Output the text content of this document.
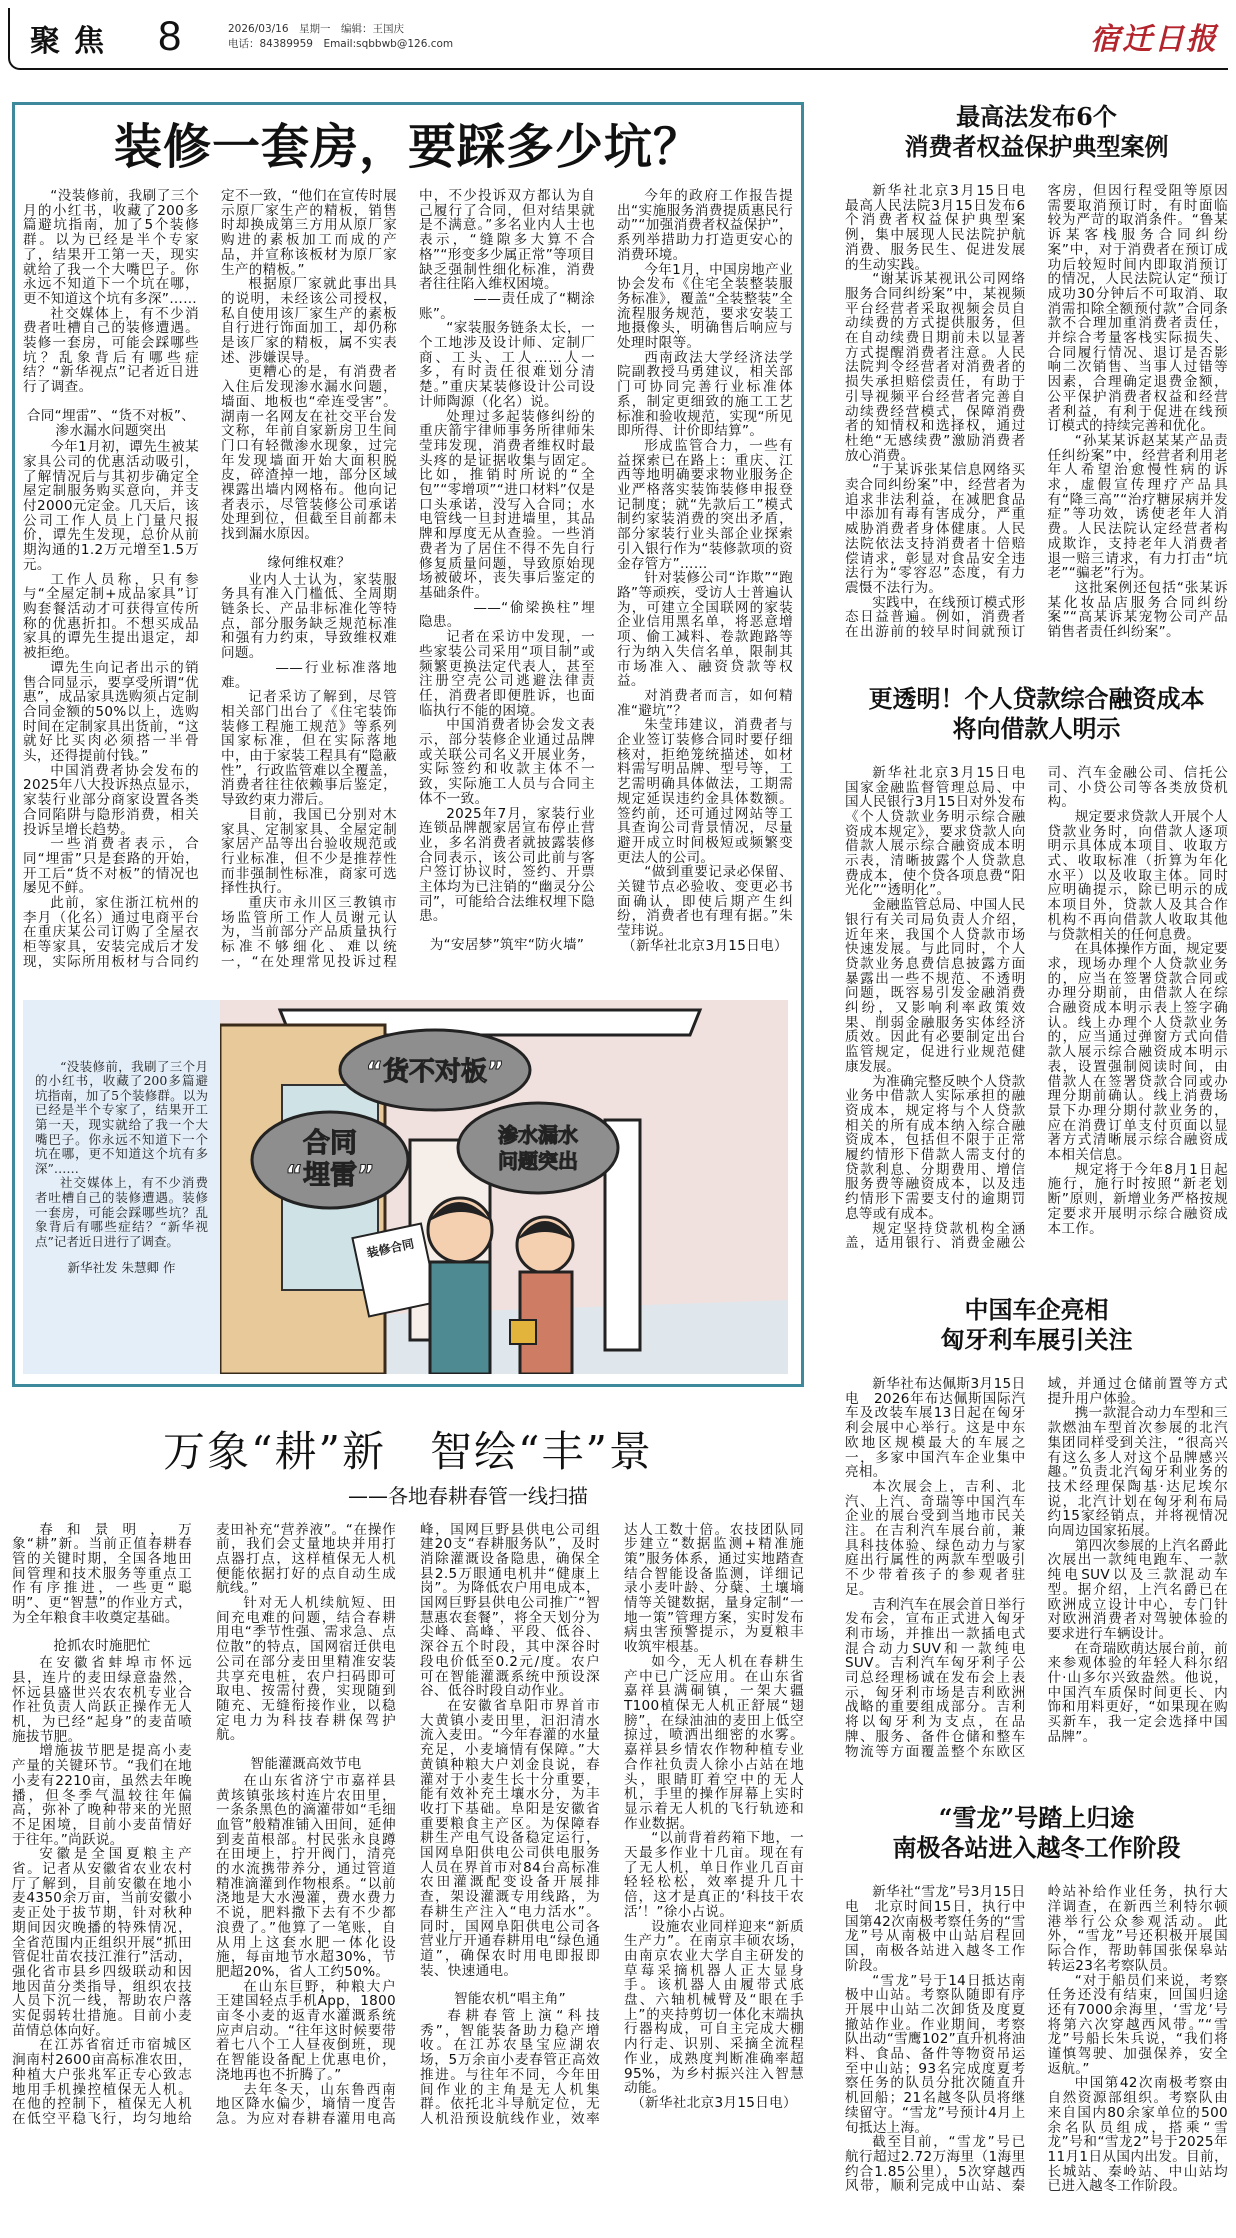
聚焦 8	2026/03/16　星期一　编辑：王国庆
电话：84389959　Email:sqbbwb@126.com	宿迁日报
装修一套房，要踩多少坑？

“没装修前，我刷了三个月的小红书，收藏了200多篇避坑指南，加了5个装修群。以为已经是半个专家了，结果开工第一天，现实就给了我一个大嘴巴子。你永远不知道下一个坑在哪，更不知道这个坑有多深”……

社交媒体上，有不少消费者吐槽自己的装修遭遇。装修一套房，可能会踩哪些坑？乱象背后有哪些症结？“新华视点”记者近日进行了调查。

合同“埋雷”、“货不对板”、渗水漏水问题突出

今年1月初，谭先生被某家具公司的优惠活动吸引，了解情况后与其初步确定全屋定制服务购买意向，并支付2000元定金。几天后，该公司工作人员上门量尺报价，谭先生发现，总价从前期沟通的1.2万元增至1.5万元。

工作人员称，只有参与“全屋定制+成品家具”订购套餐活动才可获得宣传所称的优惠折扣。不想买成品家具的谭先生提出退定，却被拒绝。

谭先生向记者出示的销售合同显示，要享受所谓“优惠”，成品家具选购须占定制合同金额的50%以上，选购时间在定制家具出货前，“这就好比买肉必须搭一半骨头，还得提前付钱。”

中国消费者协会发布的2025年八大投诉热点显示，家装行业部分商家设置各类合同陷阱与隐形消费，相关投诉呈增长趋势。

一些消费者表示，合同“埋雷”只是套路的开始，开工后“货不对板”的情况也屡见不鲜。

此前，家住浙江杭州的李月（化名）通过电商平台在重庆某公司订购了全屋衣柜等家具，安装完成后才发现，实际所用板材与合同约定不一致，“他们在宣传时展示原厂家生产的精板，销售时却换成第三方用从原厂家购进的素板加工而成的产品，并宣称该板材为原厂家生产的精板。”

根据原厂家就此事出具的说明，未经该公司授权，私自使用该厂家生产的素板自行进行饰面加工，却仍称是该厂家的精板，属不实表述、涉嫌误导。

更糟心的是，有消费者入住后发现渗水漏水问题，墙面、地板也“牵连受害”。湖南一名网友在社交平台发文称，年前自家新房卫生间门口有轻微渗水现象，过完年发现墙面开始大面积脱皮，碎渣掉一地，部分区域裸露出墙内网格布。他向记者表示，尽管装修公司承诺处理到位，但截至目前都未找到漏水原因。

缘何维权难？

业内人士认为，家装服务具有准入门槛低、全周期链条长、产品非标准化等特点，部分服务缺乏规范标准和强有力约束，导致维权难问题。

——行业标准落地难。

记者采访了解到，尽管相关部门出台了《住宅装饰装修工程施工规范》等系列国家标准，但在实际落地中，由于家装工程具有“隐蔽性”，行政监管难以全覆盖，消费者往往依赖事后鉴定，导致约束力滞后。

目前，我国已分别对木家具、定制家具、全屋定制家居产品等出台验收规范或行业标准，但不少是推荐性而非强制性标准，商家可选择性执行。

重庆市永川区三教镇市场监管所工作人员谢元认为，当前部分产品质量执行标准不够细化、难以统一，“在处理常见投诉过程中，不少投诉双方都认为自己履行了合同，但对结果就是不满意。”多名业内人士也表示，“缝隙多大算不合格”“形变多少属正常”等项目缺乏强制性细化标准，消费者往往陷入维权困境。

——责任成了“糊涂账”。

“家装服务链条太长，一个工地涉及设计师、定制厂商、工头、工人……人一多，有时责任很难划分清楚。”重庆某装修设计公司设计师陶源（化名）说。

处理过多起装修纠纷的重庆箭宇律师事务所律师朱莹玮发现，消费者维权时最头疼的是证据收集与固定。比如，推销时所说的“全包”“零增项”“进口材料”仅是口头承诺，没写入合同；水电管线一旦封进墙里，其品牌和厚度无从查验。一些消费者为了居住不得不先自行修复质量问题，导致原始现场被破坏，丧失事后鉴定的基础条件。

——“偷梁换柱”埋隐患。

记者在采访中发现，一些家装公司采用“项目制”或频繁更换法定代表人，甚至注册空壳公司逃避法律责任，消费者即便胜诉，也面临执行不能的困境。

中国消费者协会发文表示，部分装修企业通过品牌或关联公司名义开展业务，实际签约和收款主体不一致，实际施工人员与合同主体不一致。

2025年7月，家装行业连锁品牌靓家居宣布停止营业，多名消费者就披露装修合同表示，该公司此前与客户签订协议时，签约、开票主体均为已注销的“幽灵分公司”，可能给合法维权埋下隐患。

为“安居梦”筑牢“防火墙”

今年的政府工作报告提出“实施服务消费提质惠民行动”“加强消费者权益保护”，系列举措助力打造更安心的消费环境。

今年1月，中国房地产业协会发布《住宅全装整装服务标准》，覆盖“全装整装”全流程服务规范，要求安装工地摄像头，明确售后响应与处理时限等。

西南政法大学经济法学院副教授马勇建议，相关部门可协同完善行业标准体系，制定更细致的施工工艺标准和验收规范，实现“所见即所得、计价即结算”。

形成监管合力，一些有益探索已在路上：重庆、江西等地明确要求物业服务企业严格落实装饰装修申报登记制度；就“先款后工”模式制约家装消费的突出矛盾，部分家装行业头部企业探索引入银行作为“装修款项的资金存管方”……

针对装修公司“诈欺”“跑路”等顽疾，受访人士普遍认为，可建立全国联网的家装企业信用黑名单，将恶意增项、偷工减料、卷款跑路等行为纳入失信名单，限制其市场准入、融资贷款等权益。

对消费者而言，如何精准“避坑”？

朱莹玮建议，消费者与企业签订装修合同时要仔细核对，拒绝笼统描述，如材料需写明品牌、型号等，工艺需明确具体做法，工期需规定延误违约金具体数额。签约前，还可通过网站等工具查询公司背景情况，尽量避开成立时间极短或频繁变更法人的公司。

“做到重要记录必保留、关键节点必验收、变更必书面确认，即使后期产生纠纷，消费者也有理有据。”朱莹玮说。

（新华社北京3月15日电）

“没装修前，我刷了三个月的小红书，收藏了200多篇避坑指南，加了5个装修群。以为已经是半个专家了，结果开工第一天，现实就给了我一个大嘴巴子。你永远不知道下一个坑在哪，更不知道这个坑有多深”……

社交媒体上，有不少消费者吐槽自己的装修遭遇。装修一套房，可能会踩哪些坑？乱象背后有哪些症结？“新华视点”记者近日进行了调查。

新华社发 朱慧卿 作

合同
“埋雷”
“货不对板”
渗水漏水
问题突出
装修合同
万象“耕”新　智绘“丰”景
——各地春耕春管一线扫描

春和景明，万象“耕”新。当前正值春耕春管的关键时期，全国各地田间管理和技术服务等重点工作有序推进，一些更“聪明”、更“智慧”的作业方式，为全年粮食丰收奠定基础。

抢抓农时施肥忙

在安徽省蚌埠市怀远县，连片的麦田绿意盎然，怀远县盛世兴农农机专业合作社负责人尚跃正操作无人机，为已经“起身”的麦苗喷施拔节肥。

增施拔节肥是提高小麦产量的关键环节。“我们在地小麦有2210亩，虽然去年晚播，但冬季气温较往年偏高，弥补了晚种带来的光照不足困境，目前小麦苗情好于往年。”尚跃说。

安徽是全国夏粮主产省。记者从安徽省农业农村厅了解到，目前安徽在地小麦4350余万亩，当前安徽小麦正处于拔节期，针对秋种期间因灾晚播的特殊情况，全省范围内正组织开展“抓田管促壮苗农技江淮行”活动，强化省市县乡四级联动和因地因苗分类指导，组织农技人员下沉一线，帮助农户落实促弱转壮措施。目前小麦苗情总体向好。

在江苏省宿迁市宿城区涧南村2600亩高标准农田，种植大户张兆军正专心致志地用手机操控植保无人机。在他的控制下，植保无人机在低空平稳飞行，均匀地给麦田补充“营养液”。“在操作前，我们会丈量地块并用打点器打点，这样植保无人机便能依据打好的点自动生成航线。”

针对无人机续航短、田间充电难的问题，结合春耕用电“季节性强、需求急、点位散”的特点，国网宿迁供电公司在部分麦田里精准安装共享充电桩，农户扫码即可取电、按需付费，实现随到随充、无缝衔接作业，以稳定电力为科技春耕保驾护航。

智能灌溉高效节电

在山东省济宁市嘉祥县黄垓镇张垓村连片农田里，一条条黑色的滴灌带如“毛细血管”般精准铺入田间，延伸到麦苗根部。村民张永良蹲在田埂上，拧开阀门，清亮的水流携带养分，通过管道精准滴灌到作物根系。“以前浇地是大水漫灌，费水费力不说，肥料撒下去有不少都浪费了。”他算了一笔账，自从用上这套水肥一体化设施，每亩地节水超30%，节肥超20%，省人工约50%。

在山东巨野，种粮大户王建国轻点手机App，1800亩冬小麦的返青水灌溉系统应声启动。“往年这时候要带着七八个工人昼夜倒班，现在智能设备配上优惠电价，浇地再也不折腾了。”

去年冬天，山东鲁西南地区降水偏少，墒情一度告急。为应对春耕春灌用电高峰，国网巨野县供电公司组建20支“春耕服务队”，及时消除灌溉设备隐患，确保全县2.5万眼通电机井“健康上岗”。为降低农户用电成本，国网巨野县供电公司推广“智慧惠农套餐”，将全天划分为尖峰、高峰、平段、低谷、深谷五个时段，其中深谷时段电价低至0.2元/度。农户可在智能灌溉系统中预设深谷、低谷时段自动作业。

在安徽省阜阳市界首市大黄镇小麦田里，汩汩清水流入麦田。“今年春灌的水量充足，小麦墒情有保障。”大黄镇种粮大户刘金良说，春灌对于小麦生长十分重要，能有效补充土壤水分，为丰收打下基础。阜阳是安徽省重要粮食主产区。为保障春耕生产电气设备稳定运行，国网阜阳供电公司供电服务人员在界首市对84台高标准农田灌溉配变设备开展排查，架设灌溉专用线路，为春耕生产注入“电力活水”。同时，国网阜阳供电公司各营业厅开通春耕用电“绿色通道”，确保农时用电即报即装、快速通电。

智能农机“唱主角”

春耕春管上演“科技秀”，智能装备助力稳产增收。在江苏农垦宝应湖农场，5万余亩小麦春管正高效推进。与往年不同，今年田间作业的主角是无人机集群。依托北斗导航定位，无人机沿预设航线作业，效率达人工数十倍。农技团队同步建立“数据监测+精准施策”服务体系，通过实地踏查结合智能设备监测，详细记录小麦叶龄、分蘖、土壤墒情等关键数据，量身定制“一地一策”管理方案，实时发布病虫害预警提示，为夏粮丰收筑牢根基。

如今，无人机在春耕生产中已广泛应用。在山东省嘉祥县满硐镇，一架大疆T100植保无人机正舒展“翅膀”，在绿油油的麦田上低空掠过，喷洒出细密的水雾。嘉祥县乡情农作物种植专业合作社负责人徐小占站在地头，眼睛盯着空中的无人机，手里的操作屏幕上实时显示着无人机的飞行轨迹和作业数据。

“以前背着药箱下地，一天最多作业十几亩。现在有了无人机，单日作业几百亩轻轻松松，效率提升几十倍，这才是真正的‘科技干农活’！”徐小占说。

设施农业同样迎来“新质生产力”。在南京丰硕农场，由南京农业大学自主研发的草莓采摘机器人正大显身手。该机器人由履带式底盘、六轴机械臂及“眼在手上”的夹持剪切一体化末端执行器构成，可自主完成大棚内行走、识别、采摘全流程作业，成熟度判断准确率超95%，为乡村振兴注入智慧动能。

（新华社北京3月15日电）

最高法发布6个
消费者权益保护典型案例

新华社北京3月15日电　最高人民法院3月15日发布6个消费者权益保护典型案例，集中展现人民法院护航消费、服务民生、促进发展的生动实践。

“谢某诉某视讯公司网络服务合同纠纷案”中，某视频平台经营者采取视频会员自动续费的方式提供服务，但在自动续费日期前未以显著方式提醒消费者注意。人民法院判令经营者对消费者的损失承担赔偿责任，有助于引导视频平台经营者完善自动续费经营模式，保障消费者的知情权和选择权，通过杜绝“无感续费”激励消费者放心消费。

“于某诉张某信息网络买卖合同纠纷案”中，经营者为追求非法利益，在减肥食品中添加有毒有害成分，严重威胁消费者身体健康。人民法院依法支持消费者十倍赔偿请求，彰显对食品安全违法行为“零容忍”态度，有力震慑不法行为。

实践中，在线预订模式形态日益普遍。例如，消费者在出游前的较早时间就预订客房，但因行程受阻等原因需要取消预订时，有时面临较为严苛的取消条件。“鲁某诉某客栈服务合同纠纷案”中，对于消费者在预订成功后较短时间内即取消预订的情况，人民法院认定“预订成功30分钟后不可取消、取消需扣除全额预付款”合同条款不合理加重消费者责任，并综合考量客栈实际损失、合同履行情况、退订是否影响二次销售、当事人过错等因素，合理确定退费金额，公平保护消费者权益和经营者利益，有利于促进在线预订模式的持续完善和优化。

“孙某某诉赵某某产品责任纠纷案”中，经营者利用老年人希望治愈慢性病的诉求，虚假宣传理疗产品具有“降三高”“治疗糖尿病并发症”等功效，诱使老年人消费。人民法院认定经营者构成欺诈，支持老年人消费者退一赔三请求，有力打击“坑老”“骗老”行为。

这批案例还包括“张某诉某化妆品店服务合同纠纷案”“高某诉某宠物公司产品销售者责任纠纷案”。

更透明！个人贷款综合融资成本
将向借款人明示

新华社北京3月15日电　国家金融监督管理总局、中国人民银行3月15日对外发布《个人贷款业务明示综合融资成本规定》，要求贷款人向借款人展示综合融资成本明示表，清晰披露个人贷款息费成本，使个贷各项息费“阳光化”“透明化”。

金融监管总局、中国人民银行有关司局负责人介绍，近年来，我国个人贷款市场快速发展。与此同时，个人贷款业务息费信息披露方面暴露出一些不规范、不透明问题，既容易引发金融消费纠纷，又影响利率政策效果、削弱金融服务实体经济质效。因此有必要制定出台监管规定，促进行业规范健康发展。

为准确完整反映个人贷款业务中借款人实际承担的融资成本，规定将与个人贷款相关的所有成本纳入综合融资成本，包括但不限于正常履约情形下借款人需支付的贷款利息、分期费用、增信服务费等融资成本，以及违约情形下需要支付的逾期罚息等或有成本。

规定坚持贷款机构全涵盖，适用银行、消费金融公司、汽车金融公司、信托公司、小贷公司等各类放贷机构。

规定要求贷款人开展个人贷款业务时，向借款人逐项明示具体成本项目、收取方式、收取标准（折算为年化水平）以及收取主体。同时应明确提示，除已明示的成本项目外，贷款人及其合作机构不再向借款人收取其他与贷款相关的任何息费。

在具体操作方面，规定要求，现场办理个人贷款业务的，应当在签署贷款合同或办理分期前，由借款人在综合融资成本明示表上签字确认。线上办理个人贷款业务的，应当通过弹窗方式向借款人展示综合融资成本明示表，设置强制阅读时间，由借款人在签署贷款合同或办理分期前确认。线上消费场景下办理分期付款业务的，应在消费订单支付页面以显著方式清晰展示综合融资成本相关信息。

规定将于今年8月1日起施行，施行时按照“新老划断”原则，新增业务严格按规定要求开展明示综合融资成本工作。

中国车企亮相
匈牙利车展引关注

新华社布达佩斯3月15日电　2026年布达佩斯国际汽车及改装车展13日起在匈牙利会展中心举行。这是中东欧地区规模最大的车展之一，多家中国汽车企业集中亮相。

本次展会上，吉利、北汽、上汽、奇瑞等中国汽车企业的展台受到当地市民关注。在吉利汽车展台前，兼具科技体验、绿色动力与家庭出行属性的两款车型吸引不少带着孩子的参观者驻足。

吉利汽车在展会首日举行发布会，宣布正式进入匈牙利市场，并推出一款插电式混合动力SUV和一款纯电SUV。吉利汽车匈牙利子公司总经理杨诚在发布会上表示，匈牙利市场是吉利欧洲战略的重要组成部分。吉利将以匈牙利为支点，在品牌、服务、备件仓储和整车物流等方面覆盖整个东欧区域，并通过仓储前置等方式提升用户体验。

携一款混合动力车型和三款燃油车型首次参展的北汽集团同样受到关注，“很高兴有这么多人对这个品牌感兴趣。”负责北汽匈牙利业务的技术经理保陶基·达尼埃尔说，北汽计划在匈牙利布局约15家经销点，并将视情况向周边国家拓展。

第四次参展的上汽名爵此次展出一款纯电跑车、一款纯电SUV以及三款混动车型。据介绍，上汽名爵已在欧洲成立设计中心，专门针对欧洲消费者对驾驶体验的要求进行车辆设计。

在奇瑞欧萌达展台前，前来参观体验的年轻人科尔绍什·山多尔兴致盎然。他说，中国汽车质保时间更长、内饰和用料更好，“如果现在购买新车，我一定会选择中国品牌”。

“雪龙”号踏上归途
南极各站进入越冬工作阶段

新华社“雪龙”号3月15日电　北京时间15日，执行中国第42次南极考察任务的“雪龙”号从南极中山站启程回国，南极各站进入越冬工作阶段。

“雪龙”号于14日抵达南极中山站。考察队随即有序开展中山站二次卸货及度夏撤站作业。作业期间，考察队出动“雪鹰102”直升机将油料、食品、备件等物资吊运至中山站；93名完成度夏考察任务的队员分批次随直升机回船；21名越冬队员将继续留守。“雪龙”号预计4月上旬抵达上海。

截至目前，“雪龙”号已航行超过2.72万海里（1海里约合1.85公里），5次穿越西风带，顺利完成中山站、秦岭站补给作业任务，执行大洋调查，在新西兰利特尔顿港举行公众参观活动。此外，“雪龙”号还积极开展国际合作，帮助韩国张保皋站转运23名考察队员。

“对于船员们来说，考察任务还没有结束，回国归途还有7000余海里，‘雪龙’号将第六次穿越西风带。”“雪龙”号船长朱兵说，“我们将谨慎驾驶、加强保养，安全返航。”

中国第42次南极考察由自然资源部组织。考察队由来自国内80余家单位的500余名队员组成，搭乘“雪龙”号和“雪龙2”号于2025年11月1日从国内出发。目前，长城站、秦岭站、中山站均已进入越冬工作阶段。
